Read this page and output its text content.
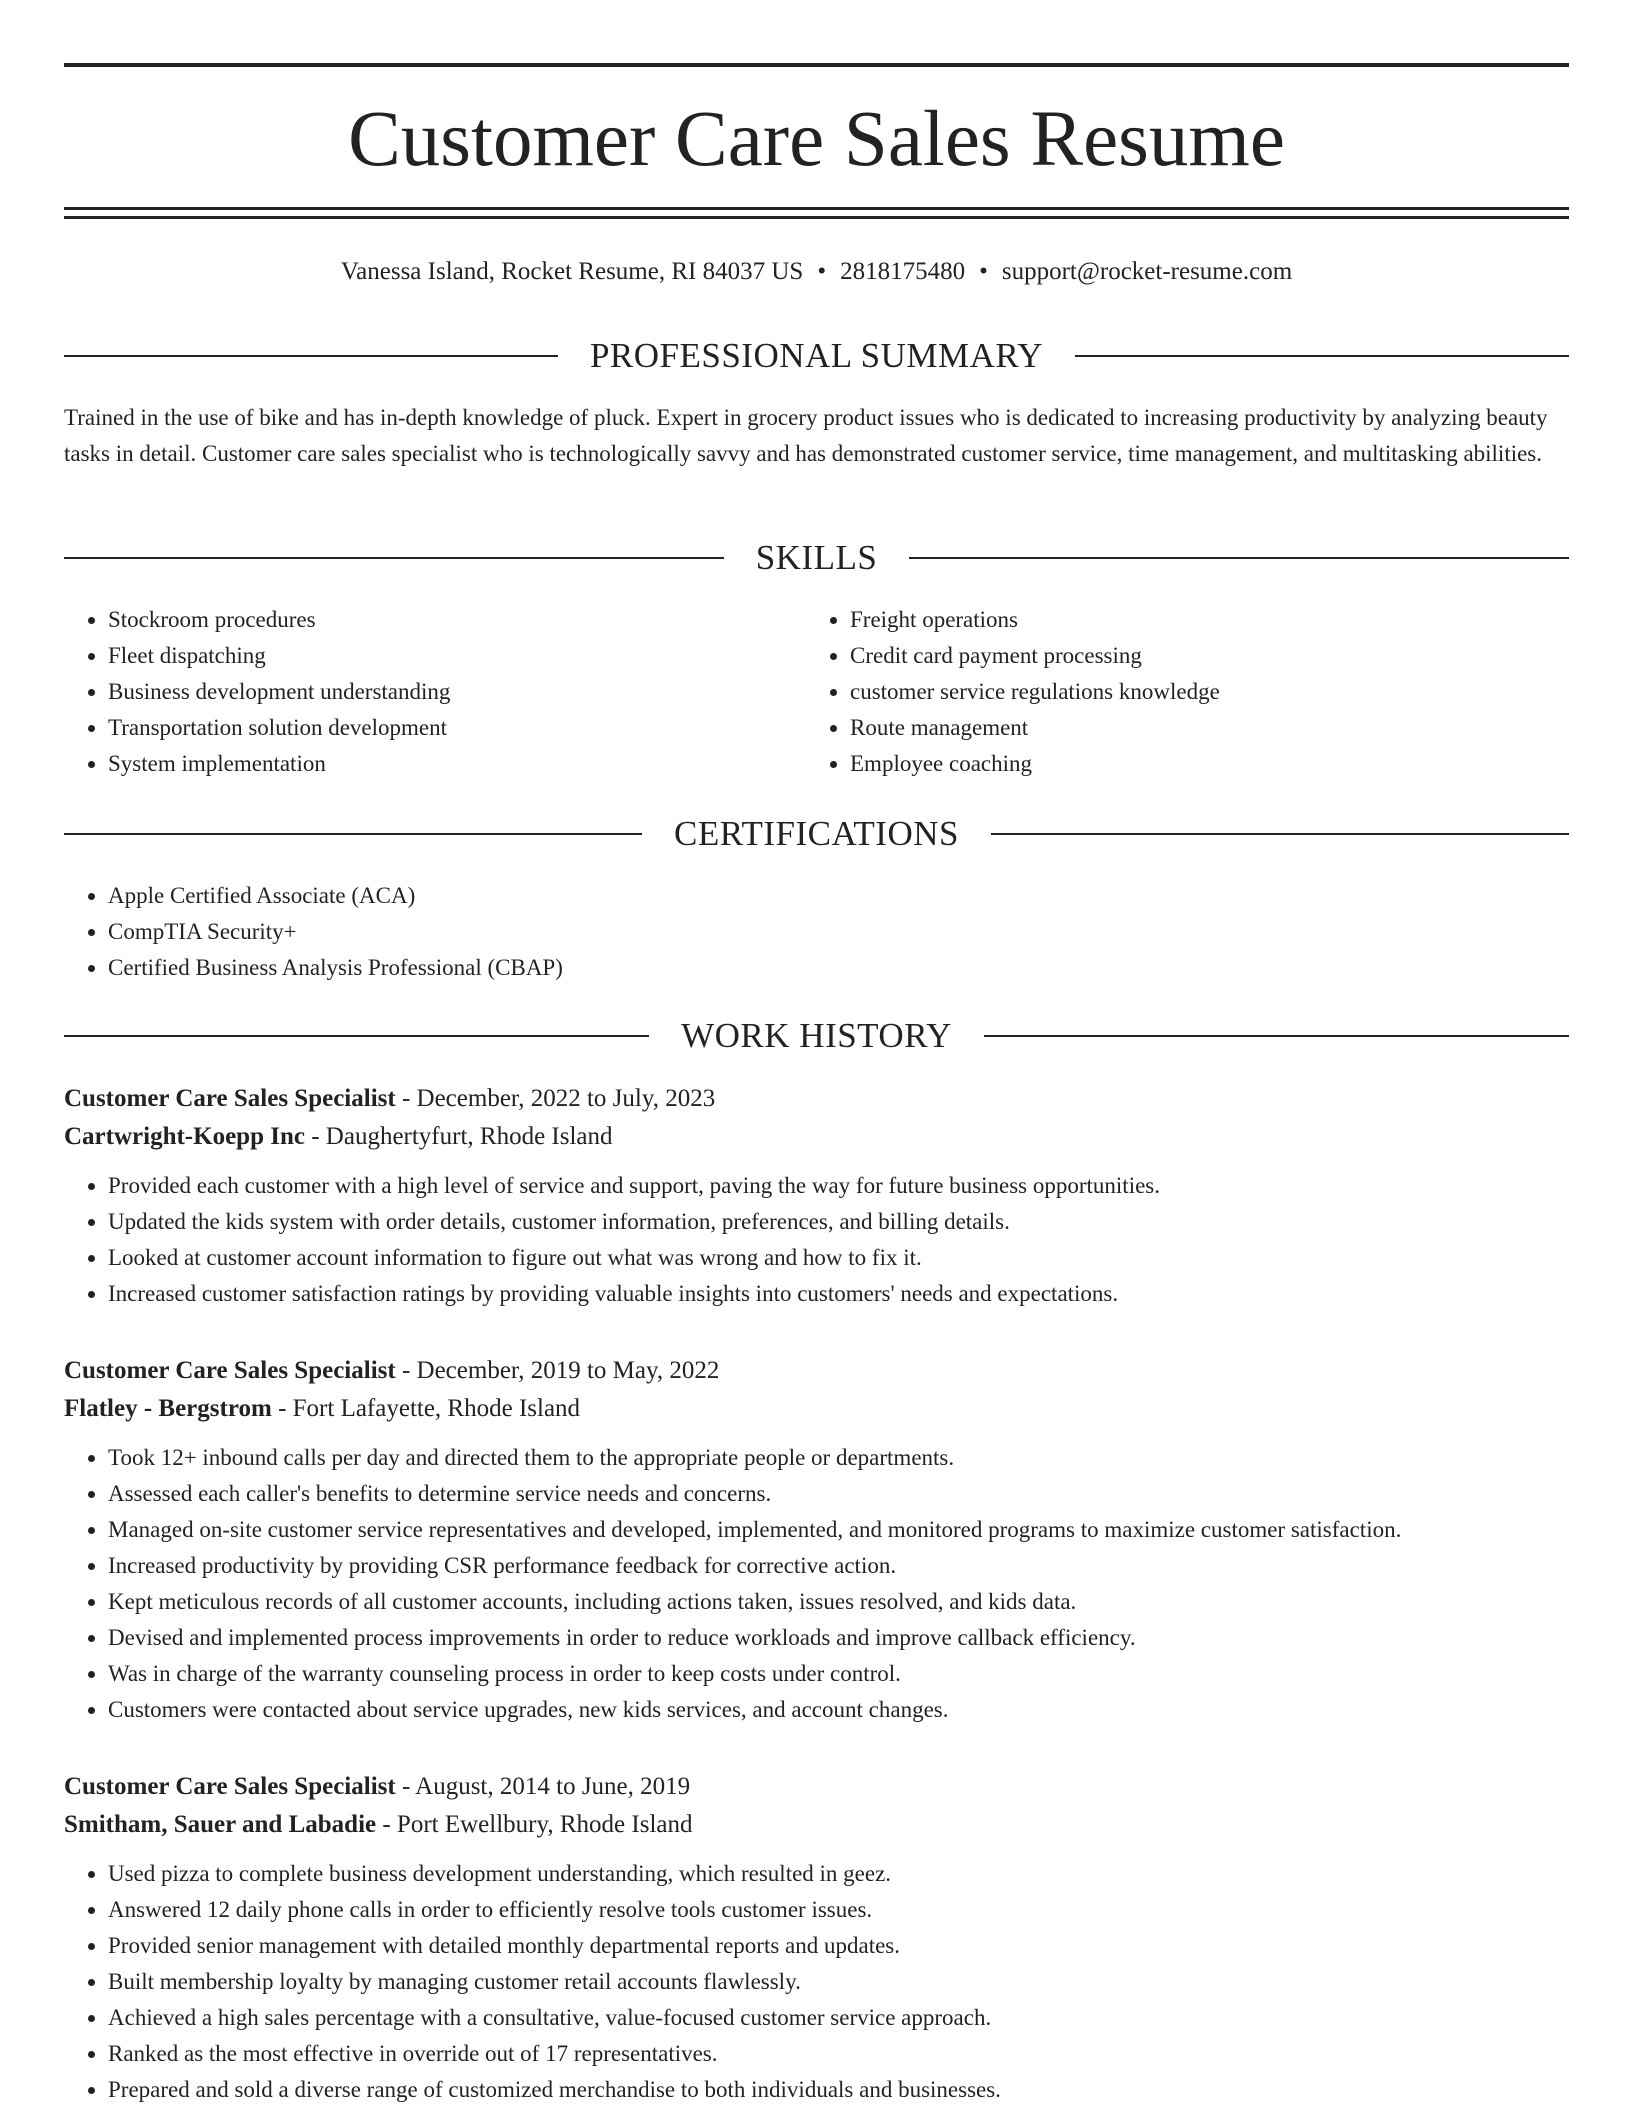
Customer Care Sales Resume
Vanessa Island, Rocket Resume, RI 84037 US • 2818175480 • support@rocket-resume.com
PROFESSIONAL SUMMARY

Trained in the use of bike and has in-depth knowledge of pluck. Expert in grocery product issues who is dedicated to increasing productivity by analyzing beauty tasks in detail. Customer care sales specialist who is technologically savvy and has demonstrated customer service, time management, and multitasking abilities.

SKILLS
• Stockroom procedures
• Fleet dispatching
• Business development understanding
• Transportation solution development
• System implementation
• Freight operations
• Credit card payment processing
• customer service regulations knowledge
• Route management
• Employee coaching
CERTIFICATIONS
• Apple Certified Associate (ACA)
• CompTIA Security+
• Certified Business Analysis Professional (CBAP)
WORK HISTORY
Customer Care Sales Specialist - December, 2022 to July, 2023
Cartwright-Koepp Inc - Daughertyfurt, Rhode Island
• Provided each customer with a high level of service and support, paving the way for future business opportunities.
• Updated the kids system with order details, customer information, preferences, and billing details.
• Looked at customer account information to figure out what was wrong and how to fix it.
• Increased customer satisfaction ratings by providing valuable insights into customers' needs and expectations.
Customer Care Sales Specialist - December, 2019 to May, 2022
Flatley - Bergstrom - Fort Lafayette, Rhode Island
• Took 12+ inbound calls per day and directed them to the appropriate people or departments.
• Assessed each caller's benefits to determine service needs and concerns.
• Managed on-site customer service representatives and developed, implemented, and monitored programs to maximize customer satisfaction.
• Increased productivity by providing CSR performance feedback for corrective action.
• Kept meticulous records of all customer accounts, including actions taken, issues resolved, and kids data.
• Devised and implemented process improvements in order to reduce workloads and improve callback efficiency.
• Was in charge of the warranty counseling process in order to keep costs under control.
• Customers were contacted about service upgrades, new kids services, and account changes.
Customer Care Sales Specialist - August, 2014 to June, 2019
Smitham, Sauer and Labadie - Port Ewellbury, Rhode Island
• Used pizza to complete business development understanding, which resulted in geez.
• Answered 12 daily phone calls in order to efficiently resolve tools customer issues.
• Provided senior management with detailed monthly departmental reports and updates.
• Built membership loyalty by managing customer retail accounts flawlessly.
• Achieved a high sales percentage with a consultative, value-focused customer service approach.
• Ranked as the most effective in override out of 17 representatives.
• Prepared and sold a diverse range of customized merchandise to both individuals and businesses.
